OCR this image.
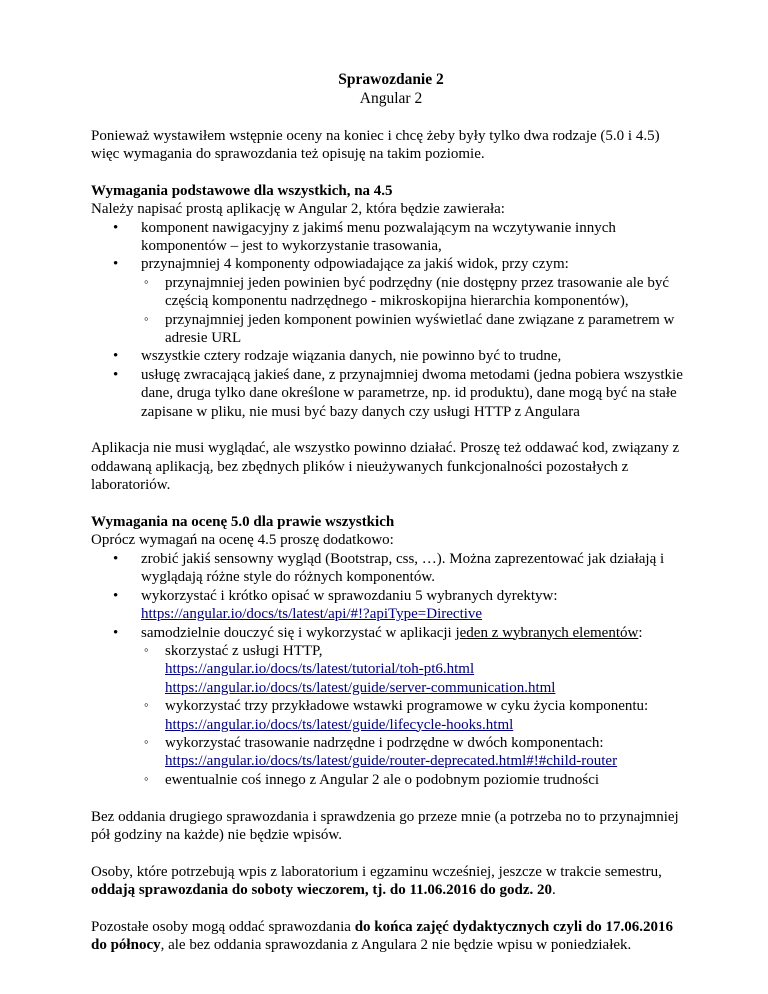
Sprawozdanie 2
Angular 2

Ponieważ wystawiłem wstępnie oceny na koniec i chcę żeby były tylko dwa rodzaje (5.0 i 4.5) więc wymagania do sprawozdania też opisuję na takim poziomie.

Wymagania podstawowe dla wszystkich, na 4.5

Należy napisać prostą aplikację w Angular 2, która będzie zawierała:

• komponent nawigacyjny z jakimś menu pozwalającym na wczytywanie innych komponentów – jest to wykorzystanie trasowania,
• przynajmniej 4 komponenty odpowiadające za jakiś widok, przy czym:
◦ przynajmniej jeden powinien być podrzędny (nie dostępny przez trasowanie ale być częścią komponentu nadrzędnego - mikroskopijna hierarchia komponentów),
◦ przynajmniej jeden komponent powinien wyświetlać dane związane z parametrem w adresie URL
• wszystkie cztery rodzaje wiązania danych, nie powinno być to trudne,
• usługę zwracającą jakieś dane, z przynajmniej dwoma metodami (jedna pobiera wszystkie dane, druga tylko dane określone w parametrze, np. id produktu), dane mogą być na stałe zapisane w pliku, nie musi być bazy danych czy usługi HTTP z Angulara

Aplikacja nie musi wyglądać, ale wszystko powinno działać. Proszę też oddawać kod, związany z oddawaną aplikacją, bez zbędnych plików i nieużywanych funkcjonalności pozostałych z laboratoriów.

Wymagania na ocenę 5.0 dla prawie wszystkich

Oprócz wymagań na ocenę 4.5 proszę dodatkowo:

• zrobić jakiś sensowny wygląd (Bootstrap, css, …). Można zaprezentować jak działają i wyglądają różne style do różnych komponentów.
• wykorzystać i krótko opisać w sprawozdaniu 5 wybranych dyrektyw:
https://angular.io/docs/ts/latest/api/#!?apiType=Directive
• samodzielnie douczyć się i wykorzystać w aplikacji jeden z wybranych elementów:
◦ skorzystać z usługi HTTP,
https://angular.io/docs/ts/latest/tutorial/toh-pt6.html
https://angular.io/docs/ts/latest/guide/server-communication.html
◦ wykorzystać trzy przykładowe wstawki programowe w cyku życia komponentu:
https://angular.io/docs/ts/latest/guide/lifecycle-hooks.html
◦ wykorzystać trasowanie nadrzędne i podrzędne w dwóch komponentach:
https://angular.io/docs/ts/latest/guide/router-deprecated.html#!#child-router
◦ ewentualnie coś innego z Angular 2 ale o podobnym poziomie trudności

Bez oddania drugiego sprawozdania i sprawdzenia go przeze mnie (a potrzeba no to przynajmniej pół godziny na każde) nie będzie wpisów.

Osoby, które potrzebują wpis z laboratorium i egzaminu wcześniej, jeszcze w trakcie semestru, oddają sprawozdania do soboty wieczorem, tj. do 11.06.2016 do godz. 20.

Pozostałe osoby mogą oddać sprawozdania do końca zajęć dydaktycznych czyli do 17.06.2016 do północy, ale bez oddania sprawozdania z Angulara 2 nie będzie wpisu w poniedziałek.
